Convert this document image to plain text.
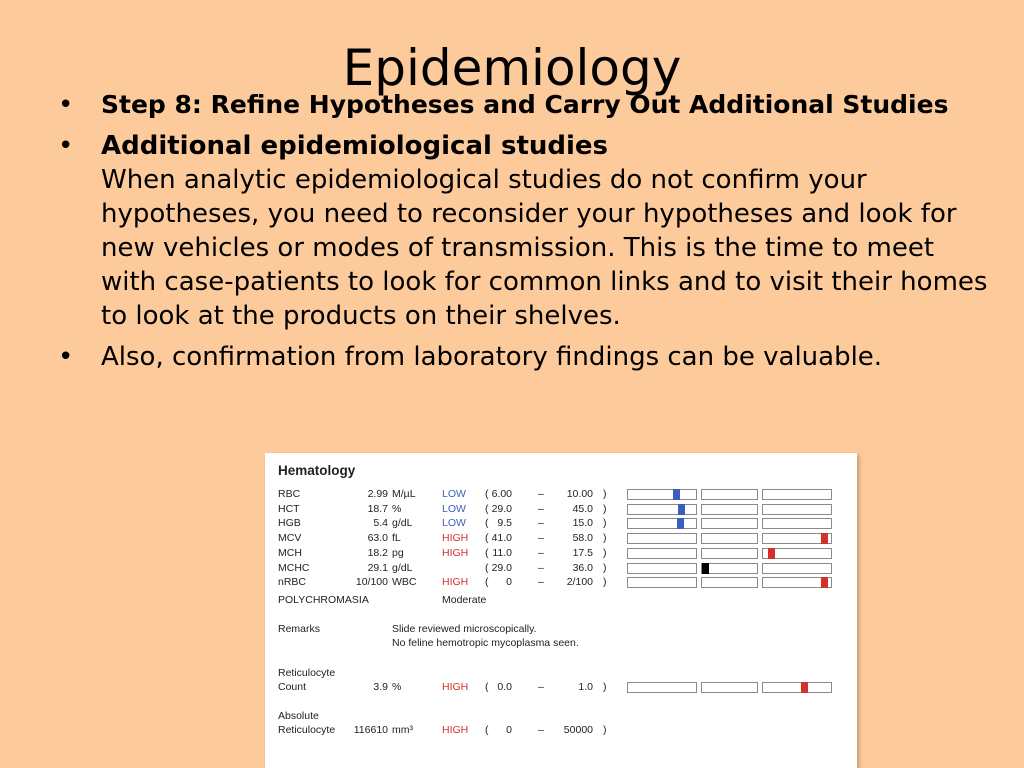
Epidemiology
• Step 8: Refine Hypotheses and Carry Out Additional Studies
• Additional epidemiological studies
When analytic epidemiological studies do not confirm your hypotheses, you need to reconsider your hypotheses and look for new vehicles or modes of transmission. This is the time to meet with case-patients to look for common links and to visit their homes to look at the products on their shelves.
• Also, confirmation from laboratory findings can be valuable.
Hematology
RBC	2.99 M/µL	LOW ( 6.00 – 10.00 )
HCT	18.7 %	LOW ( 29.0 –	45.0 )
HGB	5.4 g/dL	LOW ( 9.5 –	15.0 )
MCV	63.0 fL	HIGH ( 41.0 –	58.0 )
MCH	18.2 pg	HIGH ( 11.0 –	17.5 )
MCHC	29.1 g/dL	( 29.0 –	36.0 )
nRBC	10/100 WBC HIGH ( 0 – 2/100 )
POLYCHROMASIA	Moderate
Remarks	Slide reviewed microscopically.
No feline hemotropic mycoplasma seen.
Reticulocyte
Count	3.9 %	HIGH ( 0.0 –	1.0 )
Absolute
Reticulocyte 116610 mm³	HIGH ( 0 – 50000 )
